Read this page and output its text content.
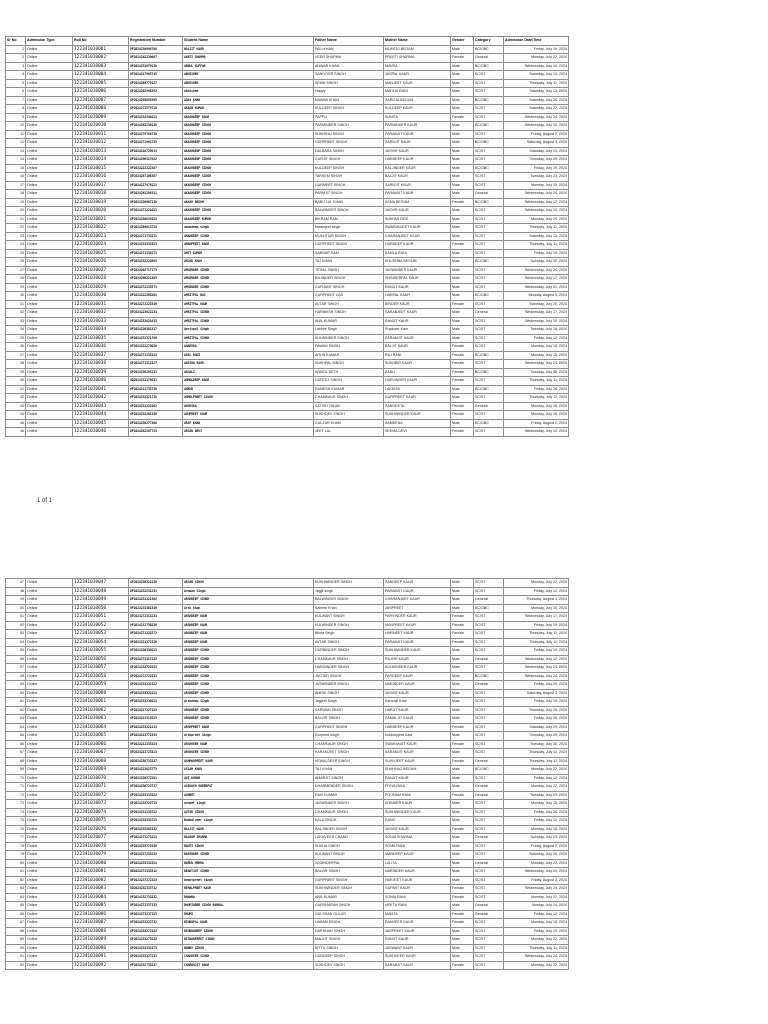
Sr No	Admission Type	Roll No	Registration Number	Student Name	Father Name	Mother Name	Gender	Category	Admission Date/Time
1	Online	122341010001	UP2024238090788	BALJIT KAUR	PALI KHAN	MUMTAJ BEGAM	Male	BC/OBC	Friday, July 19, 2024
2	Online	122341010002	UP2024242239067	AARTI SHARMA	VEER SHARMA	PREETI SHARMA	Female	General	Monday, July 22, 2024
3	Online	122341010003	UP2024231979138	ABDUL GUFFAR	ANWAR KHAN	MAVRA	Male	BC/OBC	Wednesday, July 10, 2024
4	Online	122341010004	UP2024217905745	ABHISHEK	SANDOOR SINGH	JASPAL KAUR	Male	SC/ST	Saturday, July 13, 2024
5	Online	122341010005	UP2024289775127	ABHISHEK	SEWA SINGH	MANJEET KAUR	Male	SC/ST	Thursday, July 11, 2024
6	Online	122341010006	UP2024202998392	Abhishek	Happy	MADHU RANI	Male	SC/ST	Saturday, July 13, 2024
7	Online	122341010007	UP2024295055395	ADAY KHAN	NAWAB KHAN	SAROJA BEGUM	Male	BC/OBC	Saturday, July 20, 2024
8	Online	122341010008	UP2024272579718	AKASH KUMAR	KULDEEP SINGH	KULDEEP KAUR	Male	SC/ST	Saturday, July 27, 2024
9	Online	122341010009	UP2024232540223	AKASHDEEP KAUR	PAPPU	SUNITA	Female	SC/ST	Wednesday, July 24, 2024
10	Online	122341010010	UP2024282236138	AKASHDEEP SINGH	PARMINDER SINGH	PARMINDER KAUR	Male	BC/OBC	Wednesday, July 10, 2024
11	Online	122341010011	UP2024279788738	AKASHDEEP SINGH	SUKHRAJ SINGH	PARAMJIT KAUR	Male	SC/ST	Friday, August 2, 2024
12	Online	122341010012	UP2024271902735	AKASHDEEP SINGH	GURPREET SINGH	SARBJIT KAUR	Male	BC/OBC	Saturday, August 3, 2024
13	Online	122341010013	UP2024218729813	AKASHDEEP SINGH	DALBARA SINGH	JASVIR KAUR	Male	SC/ST	Saturday, July 13, 2024
14	Online	122341010014	UP2024290317822	AKASHDEEP SINGH	GURJIT SINGH	HARDEEP KAUR	Male	SC/ST	Thursday, July 25, 2024
15	Online	122341010015	UP2024222222387	AKASHDEEP SINGH	KULDEEP SINGH	BALJINDER KAUR	Male	BC/OBC	Friday, July 19, 2024
16	Online	122341010016	UP2024287168307	AKASHDEEP SINGH	TARSEM SINGH	BALJIT KAUR	Male	SC/ST	Tuesday, July 23, 2024
17	Online	122341010017	UP2024227979221	AKASHDEEP SINGH	GURMEET SINGH	SARBJIT KAUR	Male	SC/ST	Monday, July 15, 2024
18	Online	122341010018	UP2024291289311	AKASHDEEP SINGH	PARMJIT SINGH	PARAMJIT KAUR	Male	General	Wednesday, July 24, 2024
19	Online	122341010019	UP2024220907238	AKASH BEGUM	BABU LAL KHAN	ASMA BEGUM	Female	BC/OBC	Wednesday, July 17, 2024
20	Online	122341010020	UP2024271221021	AKASHDEEP SINGH	BALWINDER SINGH	JASVIR KAUR	Male	SC/ST	Wednesday, July 10, 2024
21	Online	122341010021	UP2024238839321	AKASHDEEP KUMAR	BIKRAM RAM	SUKHMI DEVI	Male	SC/ST	Monday, July 29, 2024
22	Online	122341010022	UP2024289013728	amandeep singh	karamjeet singh	SWARANJEET KAUR	Male	SC/ST	Thursday, July 11, 2024
23	Online	122341010023	UP2024271733271	AMANDEEP SINGH	MUKHTIAR SINGH	CHARANJEET KAUR	Male	SC/ST	Saturday, July 13, 2024
24	Online	122341010024	UP2024233333323	AMANPREET KAUR	GURPREET SINGH	HARDEEP KAUR	Female	SC/ST	Thursday, July 11, 2024
25	Online	122341010025	UP2024271338273	AMIT KUMAR	SANSAR RAM	KAMLA RANI	Male	SC/ST	Friday, July 19, 2024
26	Online	122341010026	UP2024232223863	AMJAD KHAN	TAJ KHAN	KHUSHNA BEGUM	Male	BC/OBC	Tuesday, July 30, 2024
27	Online	122341010027	UP2024202717173	AMNINDER SINGH	TEHAL SINGH	JASWINDER KAUR	Male	SC/ST	Wednesday, July 24, 2024
28	Online	122341010028	UP2024290221363	AMNINDER SINGH	RAJINDER SINGH	SHINDERPAL KAUR	Male	SC/ST	Wednesday, July 17, 2024
29	Online	122341010029	UP2024272233573	AMNINDER SINGH	GURJANT SINGH	RANJIT KAUR	Male	SC/ST	Wednesday, July 31, 2024
30	Online	122341010030	UP2024222203281	AMRITPAL DAS	GURPREET DAS	HARPAL KAUR	Male	BC/OBC	Monday, August 5, 2024
31	Online	122341010031	UP2024272223330	AMRITPAL KAUR	AVTAR SINGH	BINDER KAUR	Female	SC/ST	Saturday, July 20, 2024
32	Online	122341010032	UP2024223022233	AMRITPAL SINGH	HARBIKSH SINGH	SARABJEET KAUR	Male	General	Wednesday, July 17, 2024
33	Online	122341010033	UP2024232821833	AMRITPAL SINGH	ANIL KUMAR	RANJIT KAUR	Male	SC/ST	Wednesday, July 10, 2024
34	Online	122341010034	UP2024220382317	Amritpal Singh	Lakhvir Singh	Rupinder Kaur	Male	SC/ST	Tuesday, July 16, 2024
35	Online	122341010035	UP2024232321709	AMRITPAL SINGH	KULWINDER SINGH	KARAMJIT KAUR	Male	SC/ST	Friday, July 12, 2024
36	Online	122341010036	UP2024222273020	ANAMIKA	PAWAN SINGH	BALJIT KAUR	Female	SC/ST	Monday, July 15, 2024
37	Online	122341010037	UP2024272233313	ANIL RANI	ARUN KUMAR	RAJ RANI	Female	BC/OBC	Monday, July 15, 2024
38	Online	122341010038	UP2024271312327	ANISHA KAUR	SUKHPAL SINGH	SUKHBIR KAUR	Female	SC/ST	Wednesday, July 24, 2024
39	Online	122341010039	UP2024230203233	ANJALI	ANMOL SETH	BABLI	Female	BC/OBC	Tuesday, July 30, 2024
40	Online	122341010040	UD2024232178933	ANMOLDEEP KAUR	GURTEJ SINGH	HARVINDER KAUR	Female	SC/ST	Thursday, July 11, 2024
41	Online	122341010041	UP2024221733730	ANKUR	RAMESH KUMAR	LAKSHVI	Male	BC/OBC	Friday, July 26, 2024
42	Online	122341010042	UP2024232321738	ANMOLPREET SINGH	CHAMKAUR SINGH	GURPREET KAUR	Male	SC/ST	Thursday, July 11, 2024
43	Online	122341010043	UP2024232232202	ANSHIKA	SATISH YADAV	SANGEETA	Female	General	Monday, July 15, 2024
44	Online	122341010044	UP2024232201330	ANUPREET KAUR	SUKHDEV SINGH	SUKHWINDER KAUR	Female	SC/ST	Monday, July 15, 2024
45	Online	122341010045	UP2024230277300	ARIF KHAN	GULZAR KHAN	SAMEENA	Male	BC/OBC	Friday, August 2, 2024
46	Online	122341010046	UP2024282207723	ARJAN DEVI	JEET LAL	SEEMA DEVI	Female	SC/ST	Wednesday, July 10, 2024
1 of 1
47	Online	122341010047	UP2024230321230	ARJAN SINGH	SUKHWINDER SINGH	SANDEEP KAUR	Male	SC/ST	Monday, July 22, 2024
48	Online	122341010048	UP2024232231233	Armaan Singh	Jagjit singh	PARAMJIT KAUR	Male	SC/ST	Friday, July 12, 2024
49	Online	122341010049	UP2024231321302	ARSHDEEP SINGH	BALWINDER SINGH	CHARANJEET KAUR	Male	General	Thursday, August 1, 2024
50	Online	122341010050	UP2024233302330	Arsh khan	Saleem Khan	JASPREET	Male	BC/OBC	Monday, July 15, 2024
51	Online	122341010051	UP2024272313233	ARSHDEEP KAUR	KULWANT SINGH	PARVINDER KAUR	Female	SC/ST	Wednesday, July 17, 2024
52	Online	122341010052	UP2024212730230	ARSHDEEP KAUR	KULWINDER SINGH	MANPREET KAUR	Female	SC/ST	Friday, July 19, 2024
53	Online	122341010053	UP2024271223372	ARSHDEEP KAUR	Bhola Singh	HARMEET KAUR	Female	SC/ST	Thursday, July 11, 2024
54	Online	122341010054	UP2024221372320	ARSHDEEP KAUR	AVTAR SINGH	PARAMJIT KAUR	Female	SC/ST	Thursday, July 11, 2024
55	Online	122341010055	UP2024220330223	ARSHDEEP SINGH	GURBINDER SINGH	SUKHWINDER KAUR	Male	SC/ST	Friday, July 19, 2024
56	Online	122341010056	UP2024272317232	ARSHDEEP SINGH	CHAMKAUR SINGH	RAJVIR KAUR	Male	General	Wednesday, July 17, 2024
57	Online	122341010057	UP2024232723333	ARSHDEEP SINGH	HARMINDER SINGH	KULWINDER KAUR	Male	SC/ST	Wednesday, July 24, 2024
58	Online	122341010058	UP2024272722333	ARSHDEEP SINGH	JAGTAR SINGH	PARDEEP KAUR	Male	BC/OBC	Wednesday, July 24, 2024
59	Online	122341010059	UP2024233232322	ARSHDEEP SINGH	JASWINDER SINGH	NARINDER KAUR	Male	General	Friday, July 19, 2024
60	Online	122341010060	UP2024233322223	ARSHDEEP SINGH	AMRIK SINGH	JASVIR KAUR	Male	SC/ST	Saturday, August 3, 2024
61	Online	122341010061	UP2024233230223	Arshdeep Singh	Jagjeet Singh	Karamjit Kaur	Male	SC/ST	Friday, July 19, 2024
62	Online	122341010062	UP2024217327321	ARSHDEEP SINGH	SARWAN SINGH	HARJIT KAUR	Male	SC/ST	Thursday, July 25, 2024
63	Online	122341010063	UP2024221313523	ARSHDEEP SINGH	BALVIR SINGH	KAMALJIT KAUR	Male	SC/ST	Friday, July 26, 2024
64	Online	122341010064	UP2024233221213	ARSHPREET KAUR	GURPREET SINGH	HARDEEP KAUR	Female	SC/ST	Saturday, July 20, 2024
65	Online	122341010065	UP2024213772333	Arshpreet Singh	Gurpreet singh	Kuldeepjeet Kaur	Male	SC/ST	Thursday, July 25, 2024
66	Online	122341010066	UP2024212333323	ARSHVEER KAUR	CHAMKAUR SINGH	SWARANJIT KAUR	Female	SC/ST	Tuesday, July 30, 2024
67	Online	122341010067	UP2024213723323	ARSHVEER SINGH	KARAMJEET SINGH	KARAMJIT KAUR	Male	SC/ST	Thursday, July 11, 2024
68	Online	122341010068	UD2024238733327	ASHMANPREET KAUR	KEWALDEEP SINGH	SUKHJEET KAUR	Female	General	Thursday, July 11, 2024
69	Online	122341010069	UP2024222023773	ASLAM KHAN	TAJ KHAN	SHAHNAZ BEGUM	Male	BC/OBC	Monday, July 22, 2024
70	Online	122341010070	UP2024220372281	AVI KUMAR	AMARJIT SINGH	RANJIT KAUR	Male	SC/ST	Friday, July 12, 2024
71	Online	122341010071	UP2024230723737	AVINASH GHEERPAT	DHARMENDER SINGH	PRIYA RANI	Male	General	Monday, July 22, 2024
72	Online	122341010072	UP2024233333322	AVNEET	RAVI KUMAR	POONAM RANI	Female	General	Tuesday, July 23, 2024
73	Online	122341010073	UP2024232723713	avneet singh	JASWINDER SINGH	SHINDER KAUR	Male	SC/ST	Monday, July 15, 2024
74	Online	122341010074	UP2024231233722	AVTAR SINGH	CHAMKAUR SINGH	SUKHWINDER KAUR	Male	SC/ST	Friday, July 26, 2024
75	Online	122341010075	UP2024233332723	Babbalveer singh	KALA SINGH	RANO	Male	SC/ST	Friday, July 12, 2024
76	Online	122341010076	UP2024233202332	BALJIT KAUR	BALJINDER SINGH	JASVIR KAUR	Female	SC/ST	Monday, July 15, 2024
77	Online	122341010077	UP2024273273223	BALRAM SHARMA	LAKHVEER CHAND	SONIA SHARMA	Male	General	Tuesday, July 23, 2024
78	Online	122341010078	UP2024233723330	BANTI SINGH	SUKHA SINGH	SOMA RANI	Male	SC/ST	Friday, August 2, 2024
79	Online	122341010079	UP2024237233232	BARINDER SINGH	KULWANT SINGH	MANDEEP KAUR	Male	SC/ST	Saturday, July 20, 2024
80	Online	122341010080	UP2024233332321	BARUN MEHRA	JOGINDERPAL	LALITA	Male	General	Monday, July 22, 2024
81	Online	122341010081	UD2024272333312	BEANTJOT SINGH	BALVIR SINGH	NARINDER KAUR	Male	SC/ST	Wednesday, July 24, 2024
82	Online	122341010082	UP2024237372323	beantpreet singh	GURPREET SINGH	HARJEET KAUR	Male	SC/ST	Friday, August 2, 2024
83	Online	122341010083	UD2024232333732	BEHALPREET KAUR	SUKHWINDER SINGH	GURMIT KAUR	Female	SC/ST	Wednesday, July 24, 2024
84	Online	122341010084	UP2024232733232	BHAWNA	ANIL KUMAR	SONIA RANI	Female	SC/ST	Monday, July 22, 2024
85	Online	122341010085	UP2024272337333	BHUPINDER SINGH BARNAL	GURSHARAN SINGH	NEETU RANI	Male	General	Sunday, July 14, 2024
86	Online	122341010086	UP2024273237323	BHUMI	GULSHAN GULATI	MAMTA	Female	General	Friday, July 12, 2024
87	Online	122341010087	UP2024233323732	BINDUPAL KAUR	HAKAM SINGH	RANVEER KAUR	Female	SC/ST	Monday, July 15, 2024
88	Online	122341010088	UP2024233272332	BINDUNDEEP SINGH	DARSHAN SINGH	JASPREET KAUR	Male	SC/ST	Friday, July 19, 2024
89	Online	122341010089	UP2024233273232	BISHANPREET SINGH	MALKIT SINGH	RANJIT KAUR	Male	SC/ST	Monday, July 22, 2024
90	Online	122341010090	UP2024232332373	BOBBY SINGH	BITTU SINGH	JASWANT KAUR	Male	SC/ST	Thursday, July 11, 2024
91	Online	122341010091	UP2024233327233	CHANVEER SINGH	GURDEEP SINGH	SUKHVEER KAUR	Male	SC/ST	Wednesday, July 24, 2024
92	Online	122341010092	UP2024232733237	CHARANJIT KAUR	SUKHDEV SINGH	SARABJIT KAUR	Female	SC/ST	Monday, July 22, 2024
